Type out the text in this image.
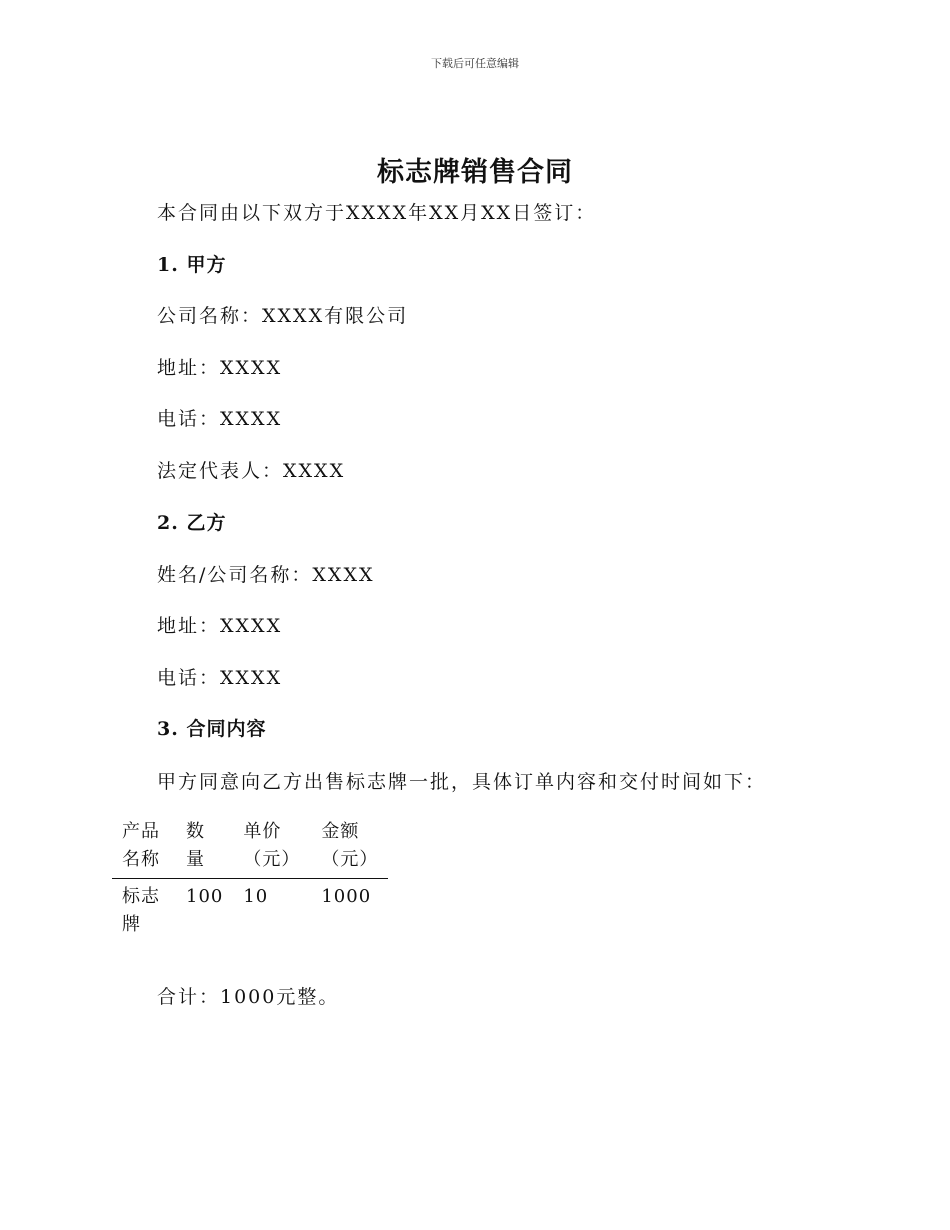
下载后可任意编辑
标志牌销售合同
本合同由以下双方于XXXX年XX月XX日签订：
1. 甲方
公司名称：XXXX有限公司
地址：XXXX
电话：XXXX
法定代表人：XXXX
2. 乙方
姓名/公司名称：XXXX
地址：XXXX
电话：XXXX
3. 合同内容
甲方同意向乙方出售标志牌一批，具体订单内容和交付时间如下：
产品名称	数量	单价（元）	金额（元）
标志牌	100	10	1000
合计：1000元整。
